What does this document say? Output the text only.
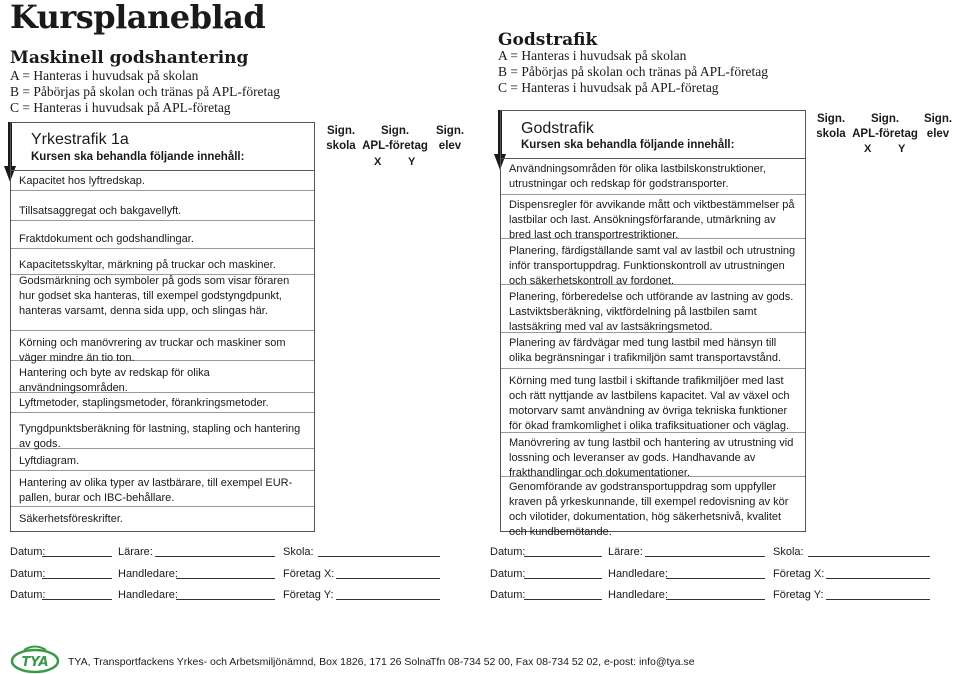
Kursplaneblad
Maskinell godshantering
A = Hanteras i huvudsak på skolan
B = Påbörjas på skolan och tränas på APL-företag
C = Hanteras i huvudsak på APL-företag
Yrkestrafik 1a
Kursen ska behandla följande innehåll:
Kapacitet hos lyftredskap.
Tillsatsaggregat och bakgavellyft.
Fraktdokument och godshandlingar.
Kapacitetsskyltar, märkning på truckar och maskiner.
Godsmärkning och symboler på gods som visar föraren hur godset ska hanteras, till exempel godstyngdpunkt, hanteras varsamt, denna sida upp, och slingas här.
Körning och manövrering av truckar och maskiner som väger mindre än tio ton.
Hantering och byte av redskap för olika användningsområden.
Lyftmetoder, staplingsmetoder, förankringsmetoder.
Tyngdpunktsberäkning för lastning, stapling och hantering av gods.
Lyftdiagram.
Hantering av olika typer av lastbärare, till exempel EUR-pallen, burar och IBC-behållare.
Säkerhetsföreskrifter.
Sign.
skola
Sign.
APL-företag
X Y
Sign.
elev
Godstrafik
A = Hanteras i huvudsak på skolan
B = Påbörjas på skolan och tränas på APL-företag
C = Hanteras i huvudsak på APL-företag
Godstrafik
Kursen ska behandla följande innehåll:
Användningsområden för olika lastbilskonstruktioner, utrustningar och redskap för godstransporter.
Dispensregler för avvikande mått och viktbestämmelser på lastbilar och last. Ansökningsförfarande, utmärkning av bred last och transportrestriktioner.
Planering, färdigställande samt val av lastbil och utrustning inför transportuppdrag. Funktionskontroll av utrustningen och säkerhetskontroll av fordonet.
Planering, förberedelse och utförande av lastning av gods. Lastviktsberäkning, viktfördelning på lastbilen samt lastsäkring med val av lastsäkringsmetod.
Planering av färdvägar med tung lastbil med hänsyn till olika begränsningar i trafikmiljön samt transportavstånd.
Körning med tung lastbil i skiftande trafikmiljöer med last och rätt nyttjande av lastbilens kapacitet. Val av växel och motorvarv samt användning av övriga tekniska funktioner för ökad framkomlighet i olika trafiksituationer och väglag.
Manövrering av tung lastbil och hantering av utrustning vid lossning och leveranser av gods. Handhavande av frakthandlingar och dokumentationer.
Genomförande av godstransportuppdrag som uppfyller kraven på yrkeskunnande, till exempel redovisning av kör och vilotider, dokumentation, hög säkerhetsnivå, kvalitet och kundbemötande.
Sign.
skola
Sign.
APL-företag
X Y
Sign.
elev
Datum:	Lärare:	Skola:
Datum:	Handledare:	Företag X:
Datum:	Handledare:	Företag Y:
Datum:	Lärare:	Skola:
Datum:	Handledare:	Företag X:
Datum:	Handledare:	Företag Y:
TYA TYA, Transportfackens Yrkes- och Arbetsmiljönämnd, Box 1826, 171 26 Solna
Tfn 08-734 52 00, Fax 08-734 52 02, e-post: info@tya.se
